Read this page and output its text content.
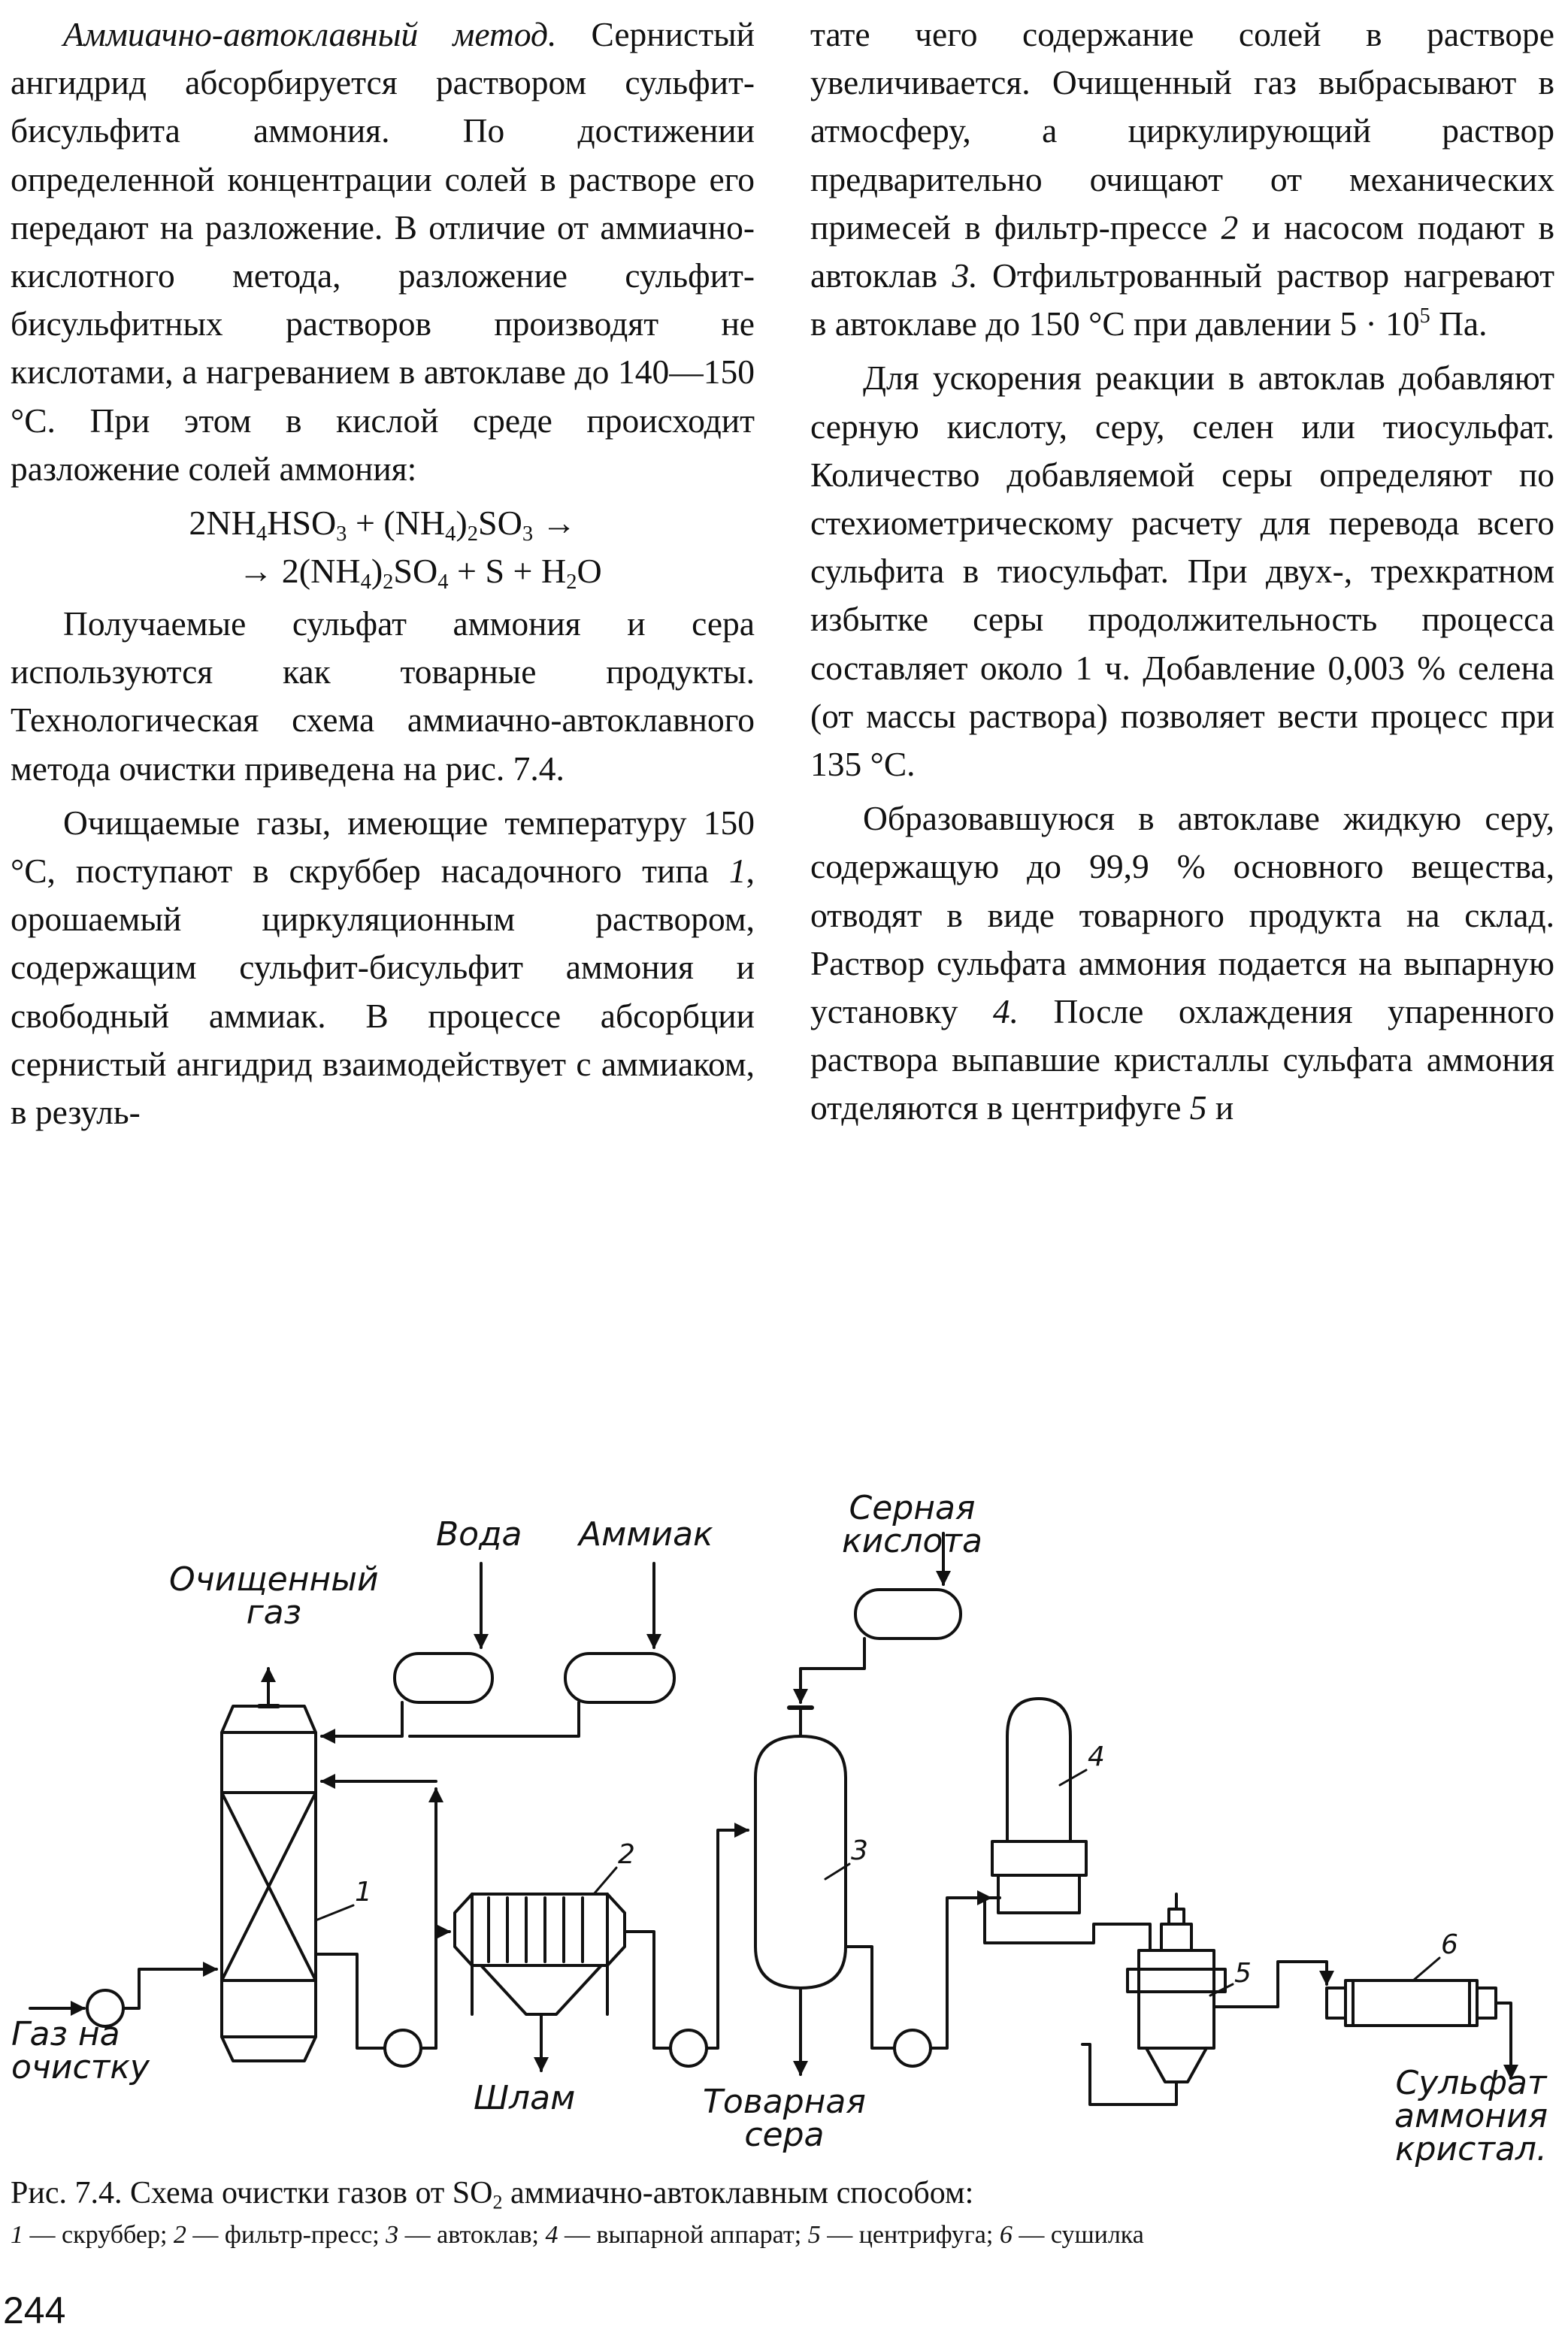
Аммиачно-автоклавный метод. Сернистый ангидрид абсорбируется раствором сульфит-бисульфита аммония. По достижении определенной концентрации солей в растворе его передают на разложение. В отличие от аммиачно-кислотного метода, разложение сульфит-бисульфитных растворов производят не кислотами, а нагреванием в автоклаве до 140—150 °С. При этом в кислой среде происходит разложение солей аммония:

$2NH_4HSO_3 + (NH_4)_2SO_3$ →
→ $2(NH_4)_2SO_4 + S + H_2O$

Получаемые сульфат аммония и сера используются как товарные продукты. Технологическая схема аммиачно-автоклавного метода очистки приведена на рис. 7.4.

Очищаемые газы, имеющие температуру 150 °С, поступают в скруббер насадочного типа 1, орошаемый циркуляционным раствором, содержащим сульфит-бисульфит аммония и свободный аммиак. В процессе абсорбции сернистый ангидрид взаимодействует с аммиаком, в резуль-

тате чего содержание солей в растворе увеличивается. Очищенный газ выбрасывают в атмосферу, а циркулирующий раствор предварительно очищают от механических примесей в фильтр-прессе 2 и насосом подают в автоклав 3. Отфильтрованный раствор нагревают в автоклаве до 150 °С при давлении $5 \cdot 10^5$ Па.

Для ускорения реакции в автоклав добавляют серную кислоту, серу, селен или тиосульфат. Количество добавляемой серы определяют по стехиометрическому расчету для перевода всего сульфита в тиосульфат. При двух-, трехкратном избытке серы продолжительность процесса составляет около 1 ч. Добавление 0,003 % селена (от массы раствора) позволяет вести процесс при 135 °С.

Образовавшуюся в автоклаве жидкую серу, содержащую до 99,9 % основного вещества, отводят в виде товарного продукта на склад. Раствор сульфата аммония подается на выпарную установку 4. После охлаждения упаренного раствора выпавшие кристаллы сульфата аммония отделяются в центрифуге 5 и

Серная
кислота
Вода Аммиак
Очищенный
газ
Газ на
очистку
Шлам	Товарная
сера
Сульфат
аммония
кристал.
1
2	3
4
5
6
Рис. 7.4. Схема очистки газов от $SO_2$ аммиачно-автоклавным способом:
1 — скруббер; 2 — фильтр-пресс; 3 — автоклав; 4 — выпарной аппарат; 5 — центрифуга; 6 — сушилка
244
